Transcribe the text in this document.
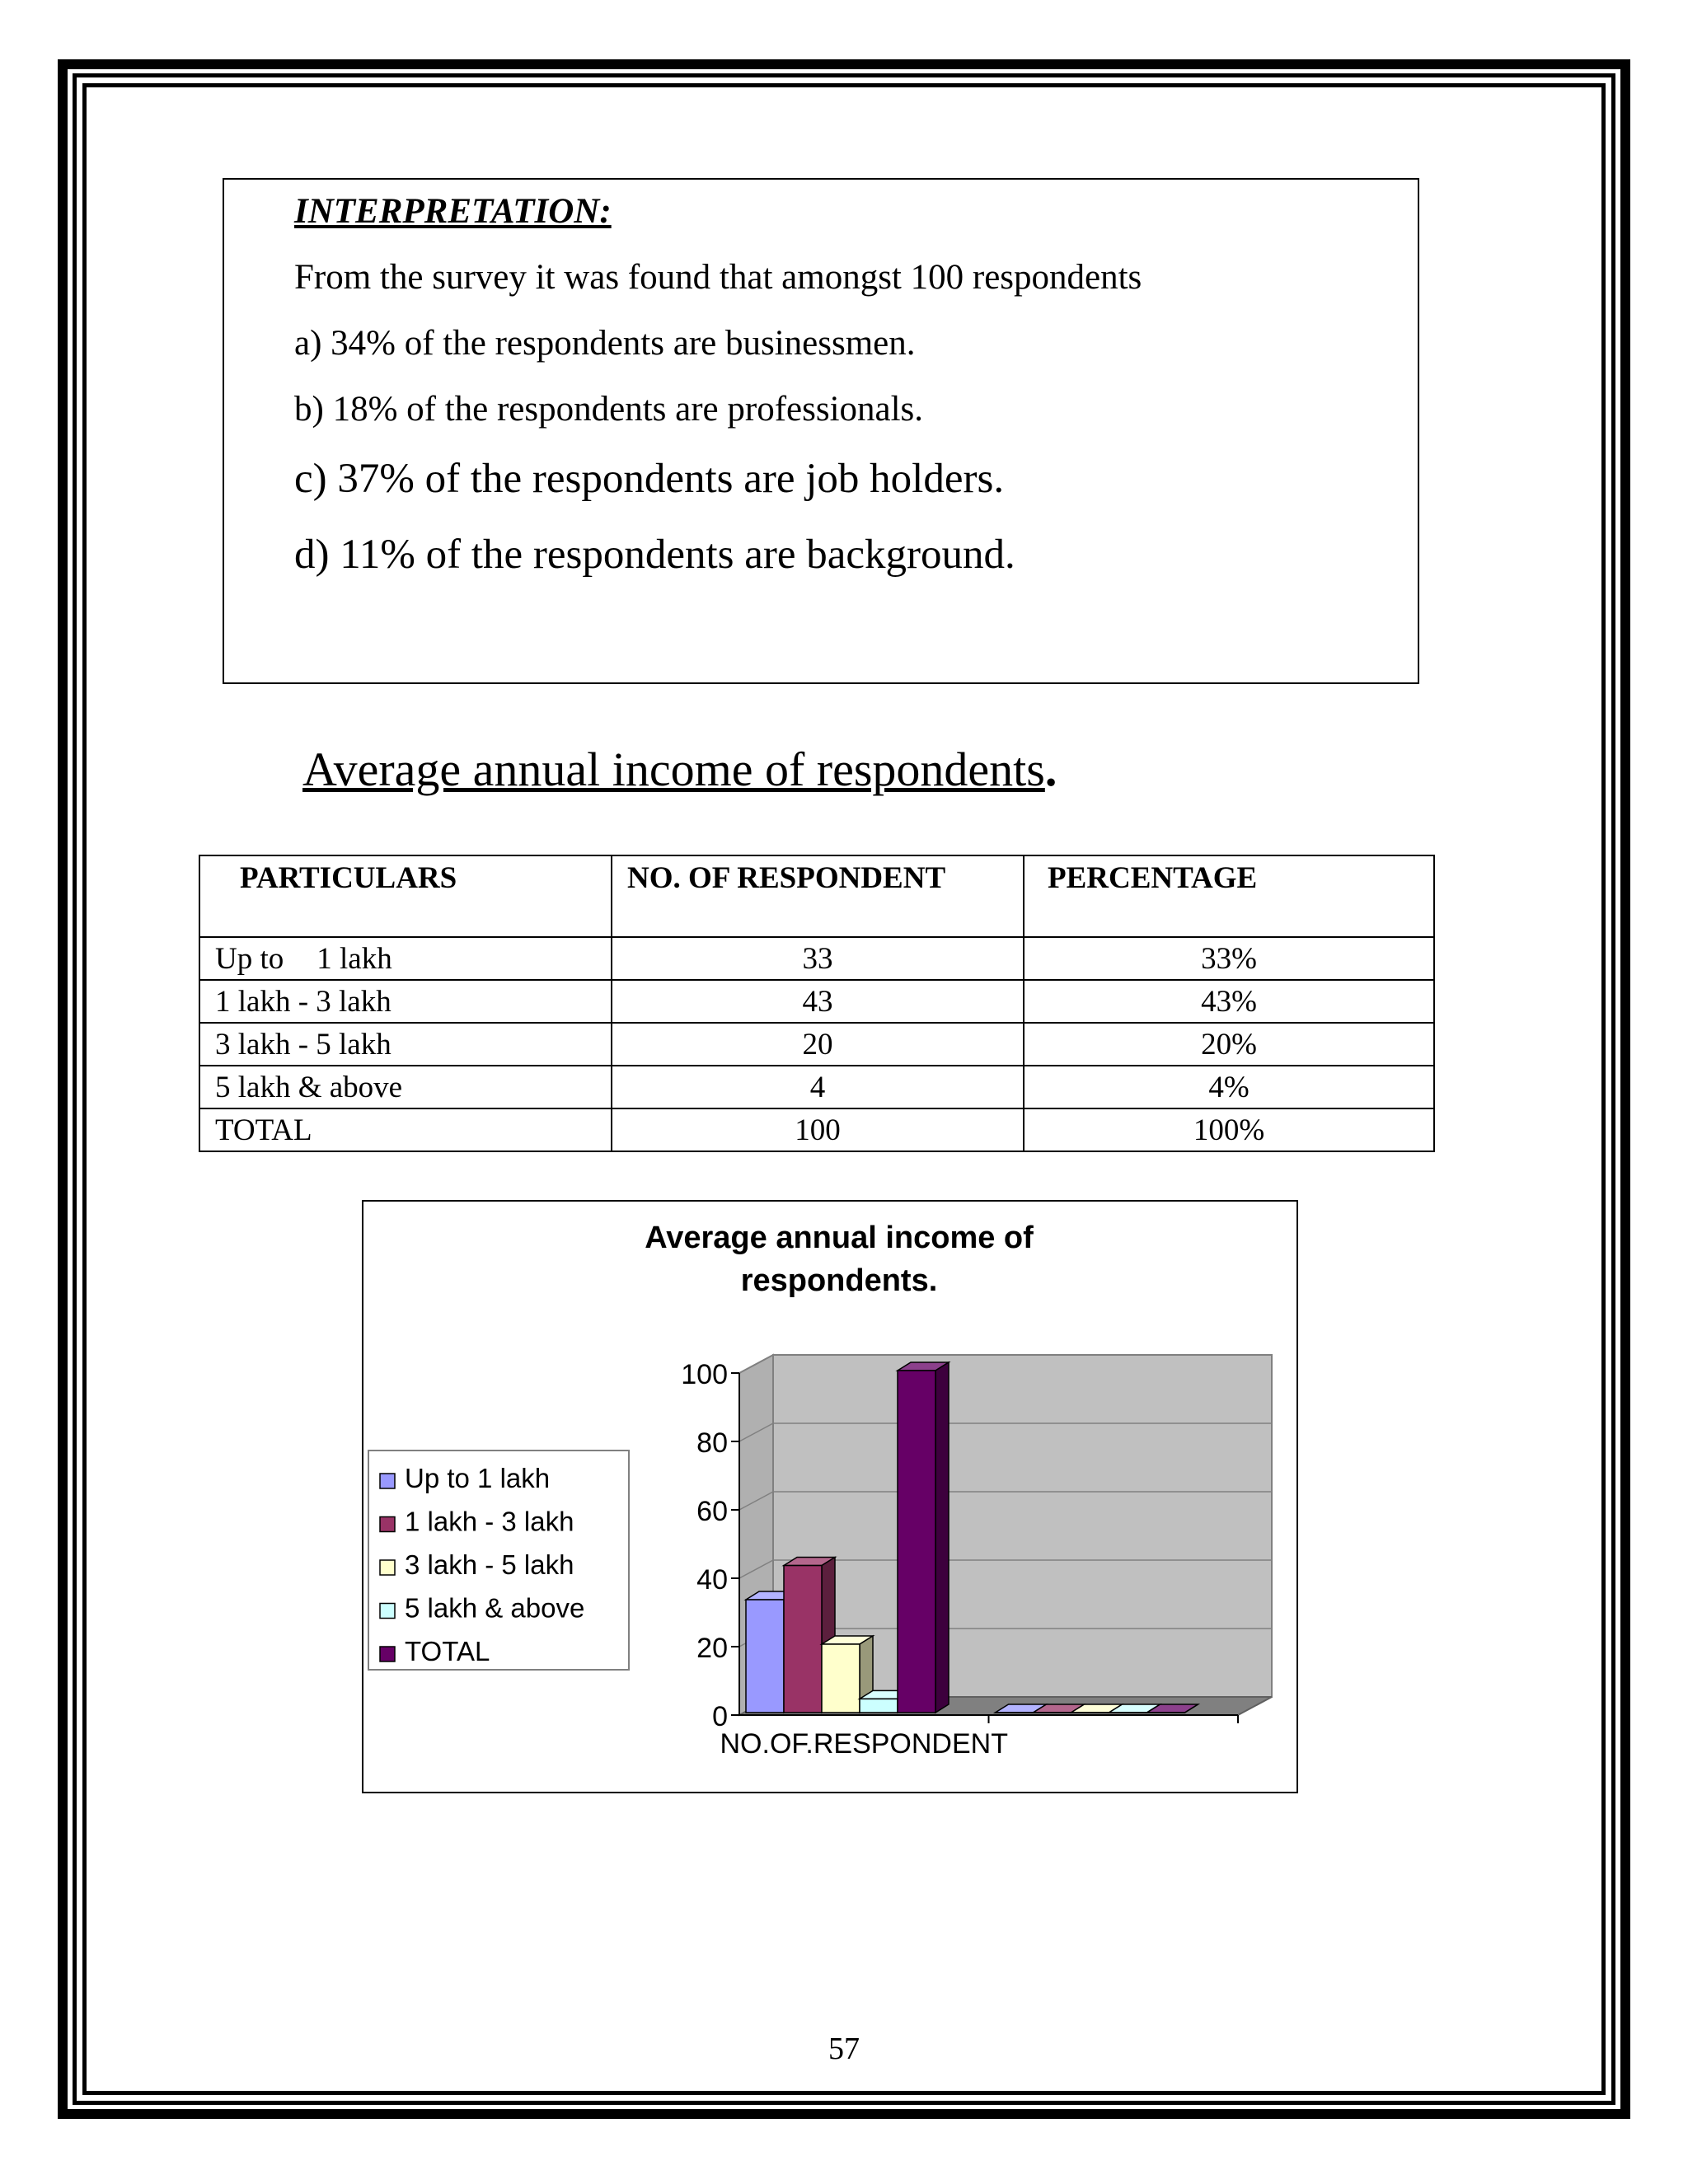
INTERPRETATION:
From the survey it was found that amongst 100 respondents
a) 34% of the respondents are businessmen.
b) 18% of the respondents are professionals.
c) 37% of the respondents are job holders.
d) 11% of the respondents are background.
Average annual income of respondents.
PARTICULARS	NO. OF RESPONDENT	PERCENTAGE
Up to 1 lakh	33	33%
1 lakh - 3 lakh	43	43%
3 lakh - 5 lakh	20	20%
5 lakh & above	4	4%
TOTAL	100	100%
Average annual income of
respondents.
0
20
40
60
80
100
NO.OF.RESPONDENT
Up to 1 lakh
1 lakh - 3 lakh
3 lakh - 5 lakh
5 lakh & above
TOTAL
57
